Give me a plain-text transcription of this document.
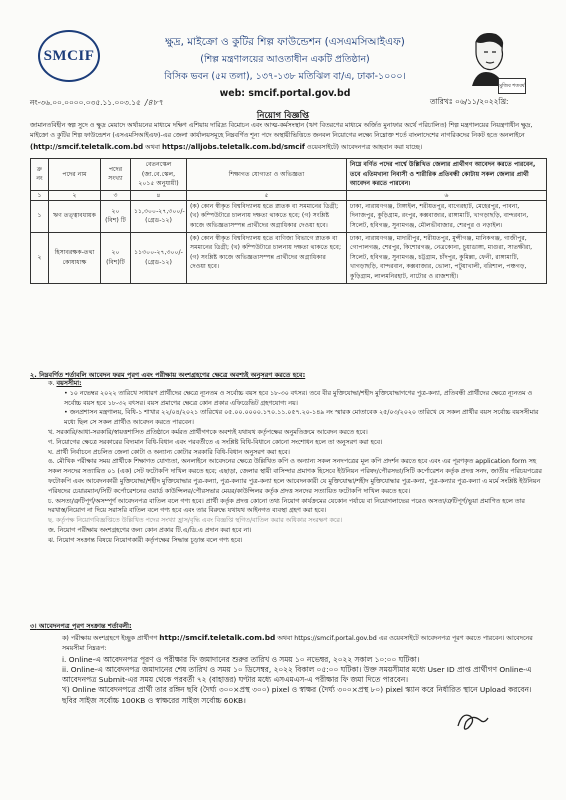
SMCIF
ক্ষুদ্র, মাইক্রো ও কুটির শিল্প ফাউন্ডেশন (এসএমসিআইএফ)
(শিল্প মন্ত্রণালয়ের আওতাধীন একটি প্রতিষ্ঠান)
বিসিক ভবন (৫ম তলা), ১৩৭-১৩৮ মতিঝিল বা/এ, ঢাকা-১০০০।
web: smcif.portal.gov.bd
মুজিব শতবর্ষ
নং-৩৬.০০.০০০০.০৩৫.১১.০০৩.১৫ /৪৮৭	তারিখঃ ০৬/১১/২০২২খ্রি:
নিয়োগ বিজ্ঞপ্তি
জামানতবিহীন স্বল্প সুদে ও ক্ষুদ্র মেয়াদে অর্থায়নের মাধ্যমে দক্ষিণ এশিয়ায় দারিদ্র্য বিমোচন এবং আত্ম-কর্মসংস্থান (ঋণ বিতরণের মাধ্যমে অর্জিত মুনাফার অর্থে পরিচালিত) শিল্প মন্ত্রণালয়ের নিয়ন্ত্রণাধীন ক্ষুদ্র, মাইক্রো ও কুটির শিল্প ফাউন্ডেশন (এসএমসিআইএফ)-এর জেলা কার্যালয়সমূহে নিম্নবর্ণিত শূন্য পদে অস্থায়ীভিত্তিতে জনবল নিয়োগের লক্ষ্যে নিম্নোক্ত শর্তে বাংলাদেশের নাগরিকদের নিকট হতে অনলাইনে (http://smcif.teletalk.com.bd অথবা https://alljobs.teletalk.com.bd/smcif ওয়েবসাইটে) আবেদনপত্র আহবান করা যাচ্ছে।
ক্র নং	পদের নাম	পদের সংখ্যা	বেতনস্কেল (জা.বে.স্কেল, ২০১৫ অনুযায়ী)	শিক্ষাগত যোগ্যতা ও অভিজ্ঞতা	নিম্নে বর্ণিত পদের পার্শ্বে উল্লিখিত জেলার প্রার্থীগণ আবেদন করতে পারবেন, তবে এতিমখানা নিবাসী ও শারীরিক প্রতিবন্ধী কোটায় সকল জেলার প্রার্থী আবেদন করতে পারবেন।
১	২	৩	৪	৫	৬
১	ঋণ তত্ত্বাবধায়ক	২০ (বিশ) টি	১১,৩০০-২৭,৩০০/- (গ্রেড-১২)	(ক) কোন স্বীকৃত বিশ্ববিদ্যালয় হতে স্নাতক বা সমমানের ডিগ্রী; (খ) কম্পিউটারে চালনায় দক্ষতা থাকতে হবে; (গ) সংশ্লিষ্ট কাজে অভিজ্ঞতাসম্পন্ন প্রার্থীদের অগ্রাধিকার দেওয়া হবে।	ঢাকা, নারায়ণগঞ্জ, টাঙ্গাইল, শরীয়তপুর, বাগেরহাট, মেহেরপুর, পাবনা, দিনাজপুর, কুড়িগ্রাম, রংপুর, কক্সবাজার, রাঙ্গামাটি, খাগড়াছড়ি, বান্দরবান, সিলেট, হবিগঞ্জ, সুনামগঞ্জ, মৌলভীবাজার, শেরপুর ও নড়াইল।
২	হিসাবরক্ষক-তথা কোষাধ্যক্ষ	২০ (বিশ)টি	১১৩০০-২৭,৩০০/- (গ্রেড-১২)	(ক) কোন স্বীকৃত বিশ্ববিদ্যালয় হতে বাণিজ্য বিভাগে স্নাতক বা সমমানের ডিগ্রী; (খ) কম্পিউটারে চালনায় দক্ষতা থাকতে হবে; (গ) সংশ্লিষ্ট কাজে অভিজ্ঞতাসম্পন্ন প্রার্থীদের অগ্রাধিকার দেওয়া হবে।	ঢাকা, নারায়ণগঞ্জ, মাদারীপুর, শরীয়তপুর, মুন্সীগঞ্জ, মানিকগঞ্জ, গাজীপুর, গোপালগঞ্জ, শেরপুর, কিশোরগঞ্জ, নেত্রকোনা, চুয়াডাঙ্গা, মাগুরা, সাতক্ষীরা, সিলেট, হবিগঞ্জ, সুনামগঞ্জ, চট্টগ্রাম, চাঁদপুর, কুমিল্লা, ফেনী, রাঙ্গামাটি, খাগড়াছড়ি, বান্দরবান, কক্সবাজার, ভোলা, পটুয়াখালী, বরিশাল, পঞ্চগড়, কুড়িগ্রাম, লালমনিরহাট, নাটোর ও রাজশাহী।
২. নিম্নবর্ণিত শর্তাবলি আবেদন ফরম পূরণ এবং পরীক্ষায় অংশগ্রহণের ক্ষেত্রে অবশ্যই অনুসরণ করতে হবে:

ক. বয়সসীমা:

• ১০ নভেম্বর ২০২২ তারিখে সাধারণ প্রার্থীদের ক্ষেত্রে ন্যূনতম ও সর্বোচ্চ বয়স হবে ১৮-৩০ বৎসর। তবে বীর মুক্তিযোদ্ধা/শহীদ মুক্তিযোদ্ধাগণের পুত্র-কন্যা, প্রতিবন্ধী প্রার্থীদের ক্ষেত্রে ন্যূনতম ও সর্বোচ্চ বয়স হবে ১৮-৩২ বৎসর। বয়স প্রমাণের ক্ষেত্রে কোন প্রকার এফিডেভিট গ্রহণযোগ্য নয়।

• জনপ্রশাসন মন্ত্রণালয়, বিধি-১ শাখার ২২/০৪/২০২১ তারিখের ০৫.০০.০০০০.১৭০.১১.০৫৭.২০-১৪৯ নং স্মারক মোতাবেক ২৫/০৩/২০২০ তারিখে যে সকল প্রার্থীর বয়স সর্বোচ্চ বয়সসীমার মধ্যে ছিল সে সকল প্রার্থীও আবেদন করতে পারবেন।

খ. সরকারি/আধা-সরকারি/স্বায়ত্তশাসিত প্রতিষ্ঠানে কর্মরত প্রার্থীগণকে অবশ্যই যথাযথ কর্তৃপক্ষের অনুমতিক্রমে আবেদন করতে হবে।

গ. নিয়োগের ক্ষেত্রে সরকারের বিদ্যমান বিধি-বিধান এবং পরবর্তীতে এ সংশ্লিষ্ট বিধি-বিধানে কোনো সংশোধন হলে তা অনুসরণ করা হবে।

ঘ. প্রার্থী নির্বাচনে প্রচলিত জেলা কোটা ও অন্যান্য কোটার সরকারি বিধি-বিধান অনুসরণ করা হবে।

ঙ. মৌখিক পরীক্ষার সময় প্রার্থীকে শিক্ষাগত যোগ্যতা, অনলাইনে আবেদনের ক্ষেত্রে উল্লিখিত কপি ও অন্যান্য সকল সনদপত্রের মূল কপি প্রদর্শন করতে হবে এবং এর পূরণকৃত application form সহ সকল সনদের সত্যায়িত ০১ (এক) সেট ফটোকপি দাখিল করতে হবে; এছাড়া, জেলার স্থায়ী বাসিন্দার প্রমাণক হিসেবে ইউনিয়ন পরিষদ/পৌরসভা/সিটি কর্পোরেশন কর্তৃক প্রদত্ত সনদ, জাতীয় পরিচয়পত্রের ফটোকপি এবং আবেদনকারী মুক্তিযোদ্ধা/শহীদ মুক্তিযোদ্ধার পুত্র-কন্যা, পুত্র-কন্যার পুত্র-কন্যা হলে আবেদনকারী যে মুক্তিযোদ্ধা/শহীদ মুক্তিযোদ্ধার পুত্র-কন্যা, পুত্র-কন্যার পুত্র-কন্যা এ মর্মে সংশ্লিষ্ট ইউনিয়ন পরিষদের চেয়ারম্যান/সিটি কর্পোরেশনের ওয়ার্ড কাউন্সিলর/পৌরসভার মেয়র/কাউন্সিলর কর্তৃক প্রদত্ত সনদের সত্যায়িত ফটোকপি দাখিল করতে হবে।

চ. অসত্য/ত্রুটিপূর্ণ/অসম্পূর্ণ আবেদনপত্র বাতিল বলে গণ্য হবে। প্রার্থী কর্তৃক প্রদত্ত কোনো তথ্য নিয়োগ কার্যক্রমের যেকোন পর্যায়ে বা নিয়োগলাভের পরেও অসত্য/ত্রুটিপূর্ণ/ভুয়া প্রমাণিত হলে তার দরখাস্ত/নিয়োগ না দিয়ে সরাসরি বাতিল বলে গণ্য হবে এবং তার বিরুদ্ধে যথাযথ আইনগত ব্যবস্থা গ্রহণ করা হবে।

ছ. কর্তৃপক্ষ নিয়োগবিজ্ঞপ্তিতে উল্লিখিত পদের সংখ্যা হ্রাস/বৃদ্ধি এবং বিজ্ঞপ্তি স্থগিত/বাতিল করার অধিকার সংরক্ষণ করে।

জ. নিয়োগ পরীক্ষায় অংশগ্রহণের জন্য কোন প্রকার টি.এ/ডি.এ প্রদান করা হবে না।

ঝ. নিয়োগ সংক্রান্ত বিষয়ে নিয়োগকারী কর্তৃপক্ষের সিদ্ধান্ত চূড়ান্ত বলে গণ্য হবে।

৩। আবেদনপত্র পূরণ সংক্রান্ত শর্তাবলী:

ক) পরীক্ষায় অংশগ্রহণে ইচ্ছুক প্রার্থীগণ http://smcif.teletalk.com.bd অথবা https://smcif.portal.gov.bd এর ওয়েবসাইটে আবেদনপত্র পূরণ করতে পারবেন। আবেদনের সময়সীমা নিম্নরূপ:

i. Online-এ আবেদনপত্র পূরণ ও পরীক্ষার ফি জমাদানের শুরুর তারিখ ও সময় ১০ নভেম্বর, ২০২২ সকাল ১০:০০ ঘটিকা।

ii. Online-এ আবেদনপত্র জমাদানের শেষ তারিখ ও সময় ১০ ডিসেম্বর, ২০২২ বিকাল ০৫:০০ ঘটিকা। উক্ত সময়সীমার মধ্যে User ID প্রাপ্ত প্রার্থীগণ Online-এ আবেদনপত্র Submit-এর সময় থেকে পরবর্তী ৭২ (বাহাত্তর) ঘণ্টার মধ্যে এসএমএস-এ পরীক্ষার ফি জমা দিতে পারবেন।

খ) Online আবেদনপত্রে প্রার্থী তার রঙ্গিন ছবি (দৈর্ঘ্য ৩০০×প্রস্থ ৩০০) pixel ও স্বাক্ষর (দৈর্ঘ্য ৩০০×প্রস্থ ৮০) pixel স্ক্যান করে নির্ধারিত স্থানে Upload করবেন। ছবির সাইজ সর্বোচ্চ 100KB ও স্বাক্ষরের সাইজ সর্বোচ্চ 60KB।
